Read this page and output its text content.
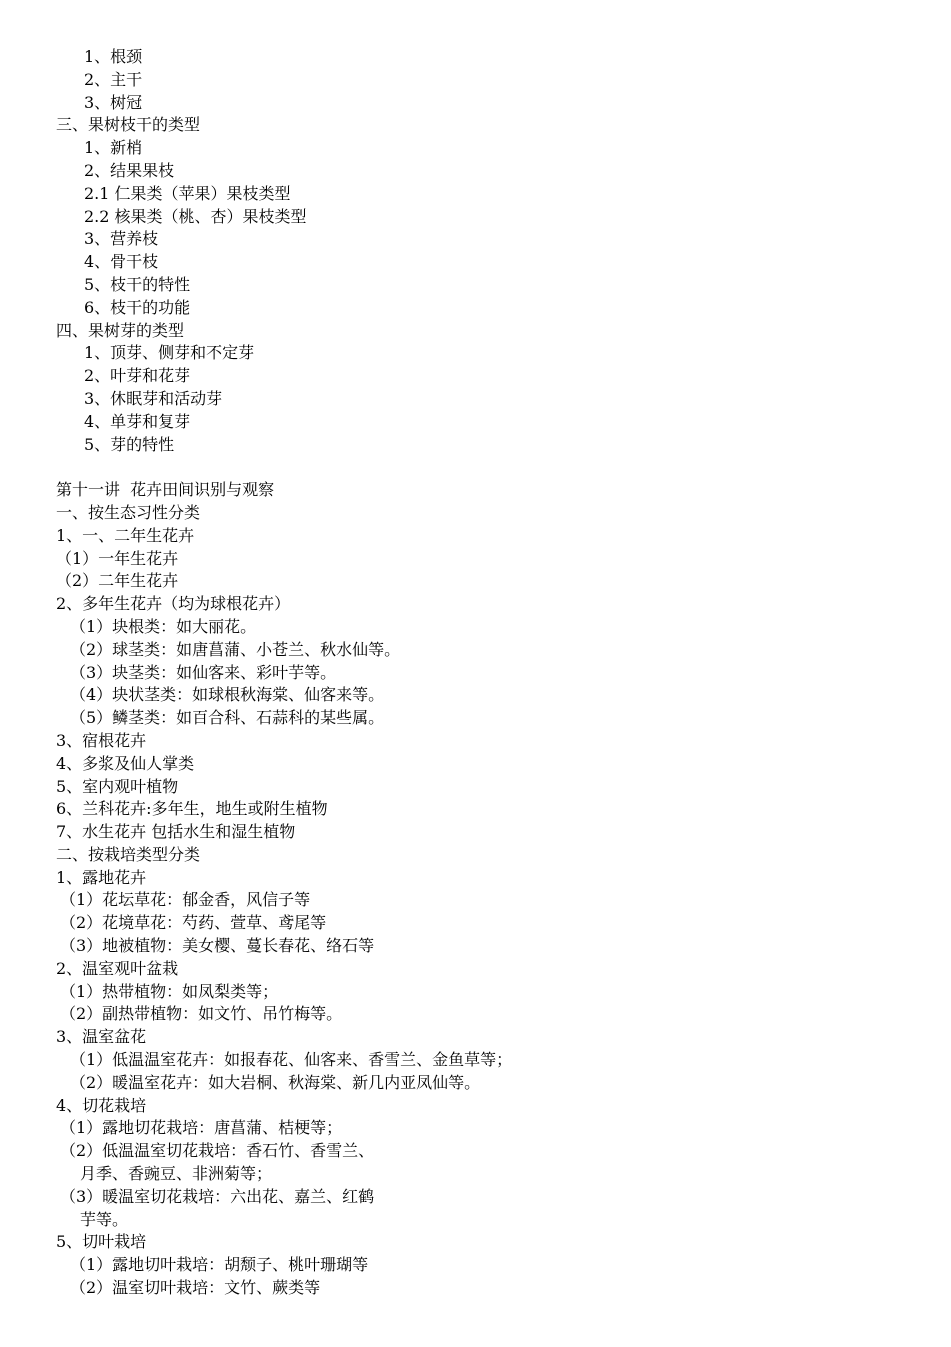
1、根颈
2、主干
3、树冠
三、果树枝干的类型
1、新梢
2、结果果枝
2.1 仁果类（苹果）果枝类型
2.2 核果类（桃、杏）果枝类型
3、营养枝
4、骨干枝
5、枝干的特性
6、枝干的功能
四、果树芽的类型
1、顶芽、侧芽和不定芽
2、叶芽和花芽
3、休眠芽和活动芽
4、单芽和复芽
5、芽的特性
第十一讲  花卉田间识别与观察
一、按生态习性分类
1、一、二年生花卉
（1）一年生花卉
（2）二年生花卉
2、多年生花卉（均为球根花卉）
（1）块根类：如大丽花。
（2）球茎类：如唐菖蒲、小苍兰、秋水仙等。
（3）块茎类：如仙客来、彩叶芋等。
（4）块状茎类：如球根秋海棠、仙客来等。
（5）鳞茎类：如百合科、石蒜科的某些属。
3、宿根花卉
4、多浆及仙人掌类
5、室内观叶植物
6、兰科花卉:多年生，地生或附生植物
7、水生花卉 包括水生和湿生植物
二、按栽培类型分类
1、露地花卉
（1）花坛草花：郁金香，风信子等
（2）花境草花：芍药、萱草、鸢尾等
（3）地被植物：美女樱、蔓长春花、络石等
2、温室观叶盆栽
（1）热带植物：如凤梨类等；
（2）副热带植物：如文竹、吊竹梅等。
3、温室盆花
（1）低温温室花卉：如报春花、仙客来、香雪兰、金鱼草等；
（2）暖温室花卉：如大岩桐、秋海棠、新几内亚凤仙等。
4、切花栽培
（1）露地切花栽培：唐菖蒲、桔梗等；
（2）低温温室切花栽培：香石竹、香雪兰、
月季、香豌豆、非洲菊等；
（3）暖温室切花栽培：六出花、嘉兰、红鹤
芋等。
5、切叶栽培
（1）露地切叶栽培：胡颓子、桃叶珊瑚等
（2）温室切叶栽培：文竹、蕨类等
